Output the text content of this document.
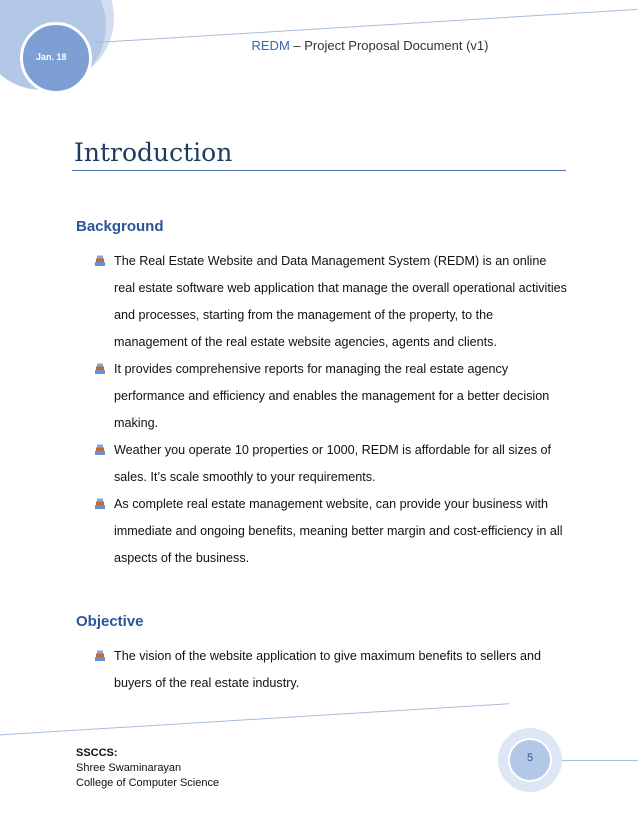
Jan. 18
REDM – Project Proposal Document (v1)
Introduction
Background
The Real Estate Website and Data Management System (REDM) is an online real estate software web application that manage the overall operational activities and processes, starting from the management of the property, to the management of the real estate website agencies, agents and clients.
It provides comprehensive reports for managing the real estate agency performance and efficiency and enables the management for a better decision making.
Weather you operate 10 properties or 1000, REDM is affordable for all sizes of sales. It’s scale smoothly to your requirements.
As complete real estate management website, can provide your business with immediate and ongoing benefits, meaning better margin and cost-efficiency in all aspects of the business.
Objective
The vision of the website application to give maximum benefits to sellers and buyers of the real estate industry.
SSCCS:
Shree Swaminarayan
College of Computer Science
5
